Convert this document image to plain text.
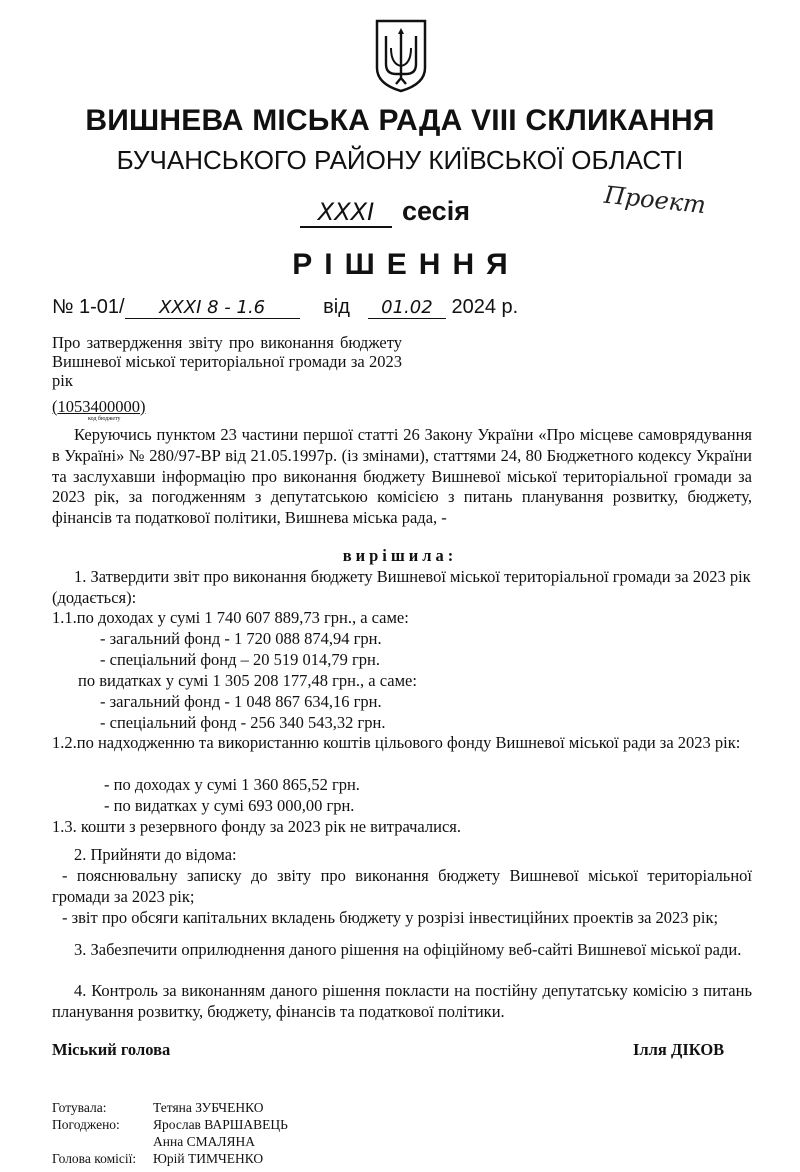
ВИШНЕВА МІСЬКА РАДА VIII СКЛИКАННЯ
БУЧАНСЬКОГО РАЙОНУ КИЇВСЬКОЇ ОБЛАСТІ
XXXI сесія	Проект
РІШЕННЯ
№ 1-01/ XXXI 8 - 1.6	від 01.02 2024 р.
Про затвердження звіту про виконання бюджету Вишневої міської територіальної громади за 2023 рік
(1053400000)
код бюджету
Керуючись пунктом 23 частини першої статті 26 Закону України «Про місцеве самоврядування в Україні» № 280/97-ВР від 21.05.1997р. (із змінами), статтями 24, 80 Бюджетного кодексу України та заслухавши інформацію про виконання бюджету Вишневої міської територіальної громади за 2023 рік, за погодженням з депутатською комісією з питань планування розвитку, бюджету, фінансів та податкової політики, Вишнева міська рада, -
вирішила:
1. Затвердити звіт про виконання бюджету Вишневої міської територіальної громади за 2023 рік (додається):
1.1.по доходах у сумі 1 740 607 889,73 грн., а саме:
- загальний фонд - 1 720 088 874,94 грн.
- спеціальний фонд – 20 519 014,79 грн.
по видатках у сумі 1 305 208 177,48 грн., а саме:
- загальний фонд - 1 048 867 634,16 грн.
- спеціальний фонд - 256 340 543,32 грн.
1.2.по надходженню та використанню коштів цільового фонду Вишневої міської ради за 2023 рік:
- по доходах у сумі 1 360 865,52 грн.
- по видатках у сумі 693 000,00 грн.
1.3. кошти з резервного фонду за 2023 рік не витрачалися.
2. Прийняти до відома:
- пояснювальну записку до звіту про виконання бюджету Вишневої міської територіальної громади за 2023 рік;
- звіт про обсяги капітальних вкладень бюджету у розрізі інвестиційних проектів за 2023 рік;
3. Забезпечити оприлюднення даного рішення на офіційному веб-сайті Вишневої міської ради.
4. Контроль за виконанням даного рішення покласти на постійну депутатську комісію з питань планування розвитку, бюджету, фінансів та податкової політики.
Міський голова	Ілля ДІКОВ
Готувала:	Тетяна ЗУБЧЕНКО
Погоджено: Ярослав ВАРШАВЕЦЬ
Анна СМАЛЯНА
Голова комісії: Юрій ТИМЧЕНКО
